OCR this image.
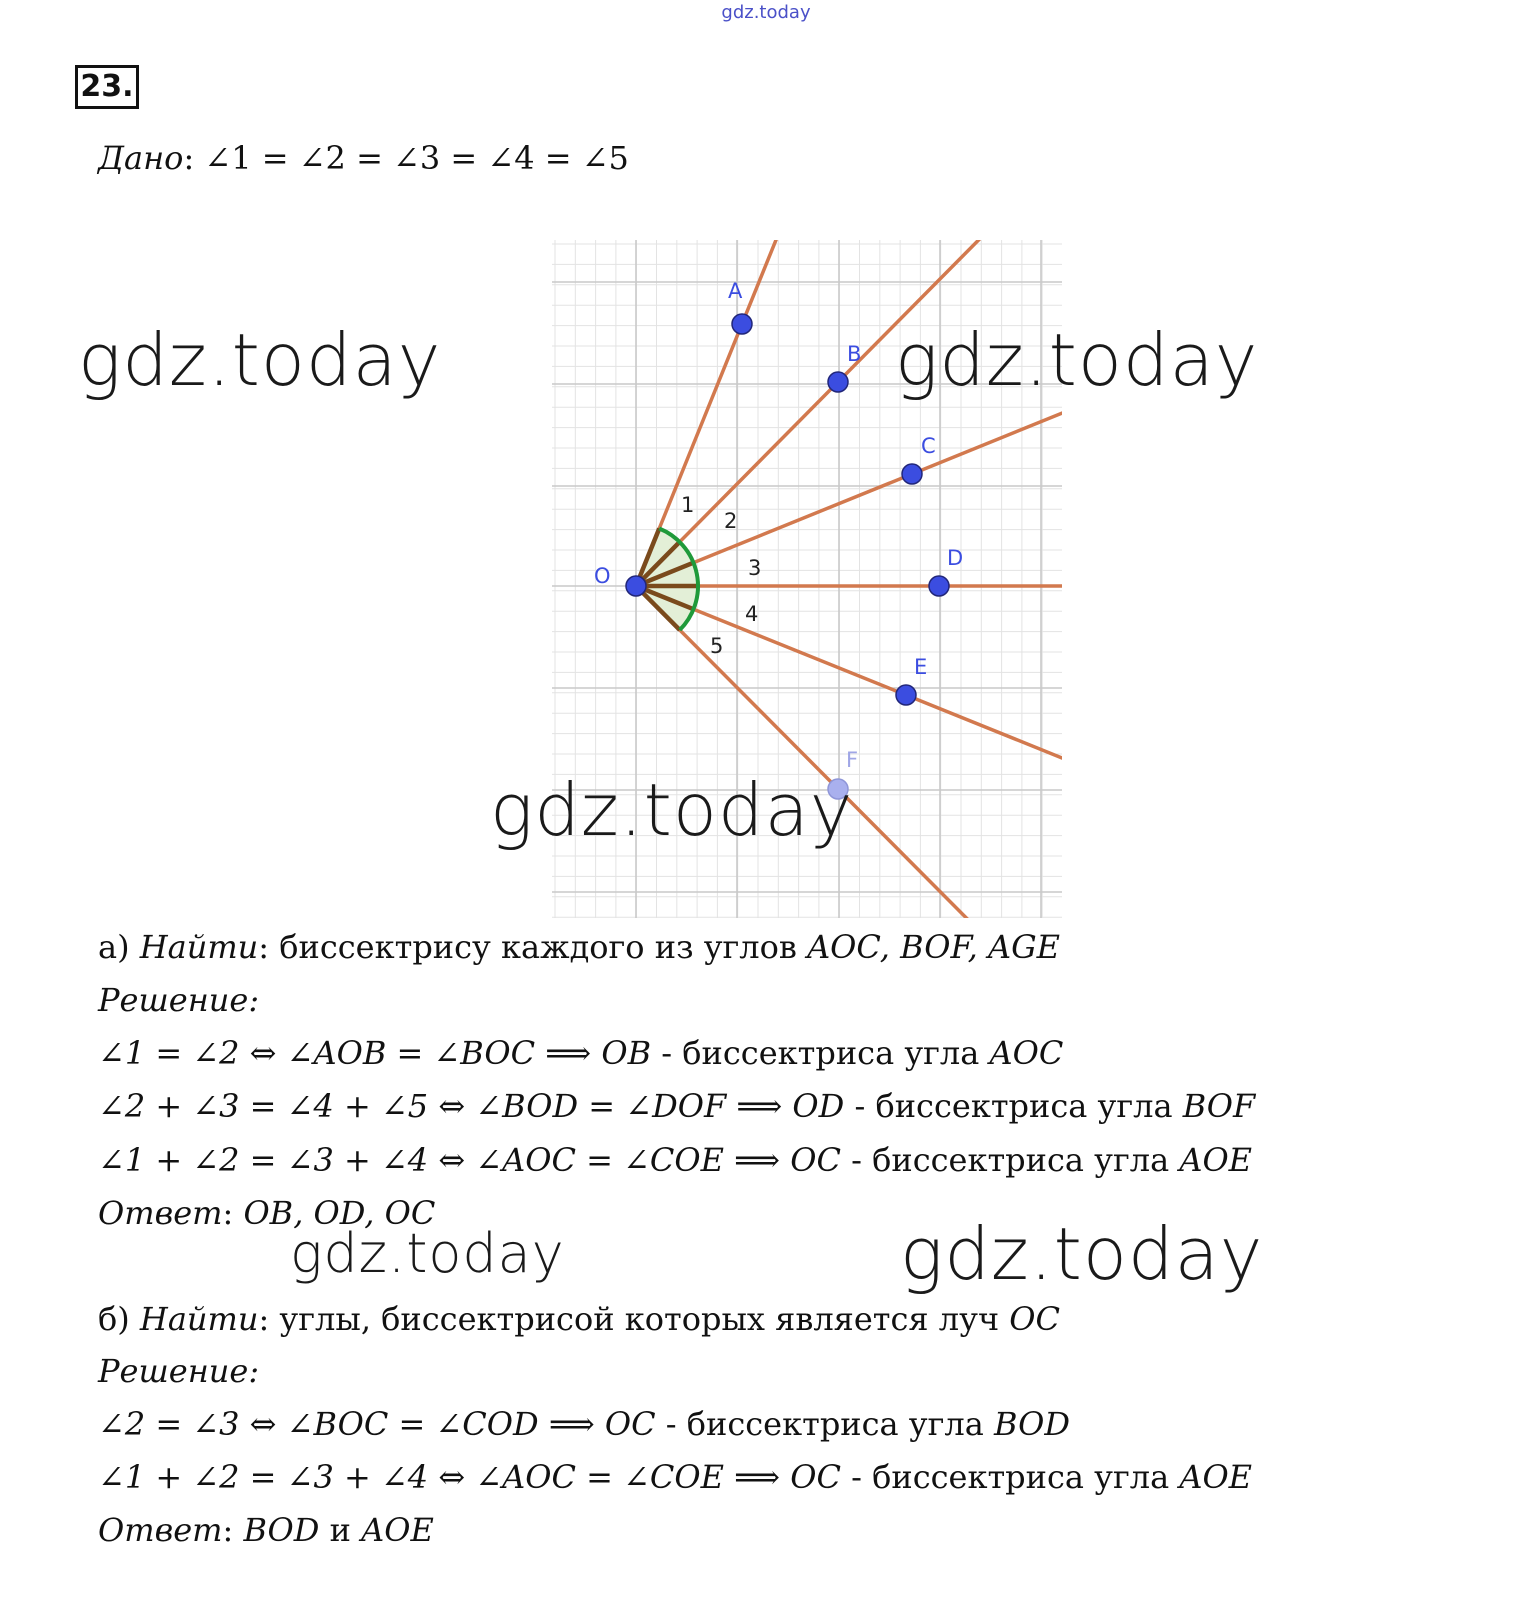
gdz.today
23.

Дано: ∠1 = ∠2 = ∠3 = ∠4 = ∠5

O
A
B
C
D
E
F
1
2
3
4
5

а) Найти: биссектрису каждого из углов AOC, BOF, AGE

Решение:

∠1 = ∠2 ⇔ ∠AOB = ∠BOC ⟹ OB - биссектриса угла AOC

∠2 + ∠3 = ∠4 + ∠5 ⇔ ∠BOD = ∠DOF ⟹ OD - биссектриса угла BOF

∠1 + ∠2 = ∠3 + ∠4 ⇔ ∠AOC = ∠COE ⟹ OC - биссектриса угла AOE

Ответ: OB, OD, OC

б) Найти: углы, биссектрисой которых является луч OC

Решение:

∠2 = ∠3 ⇔ ∠BOC = ∠COD ⟹ OC - биссектриса угла BOD

∠1 + ∠2 = ∠3 + ∠4 ⇔ ∠AOC = ∠COE ⟹ OC - биссектриса угла AOE

Ответ: BOD и AOE

gdz.today	gdz.today
gdz.today
gdz.today	gdz.today
